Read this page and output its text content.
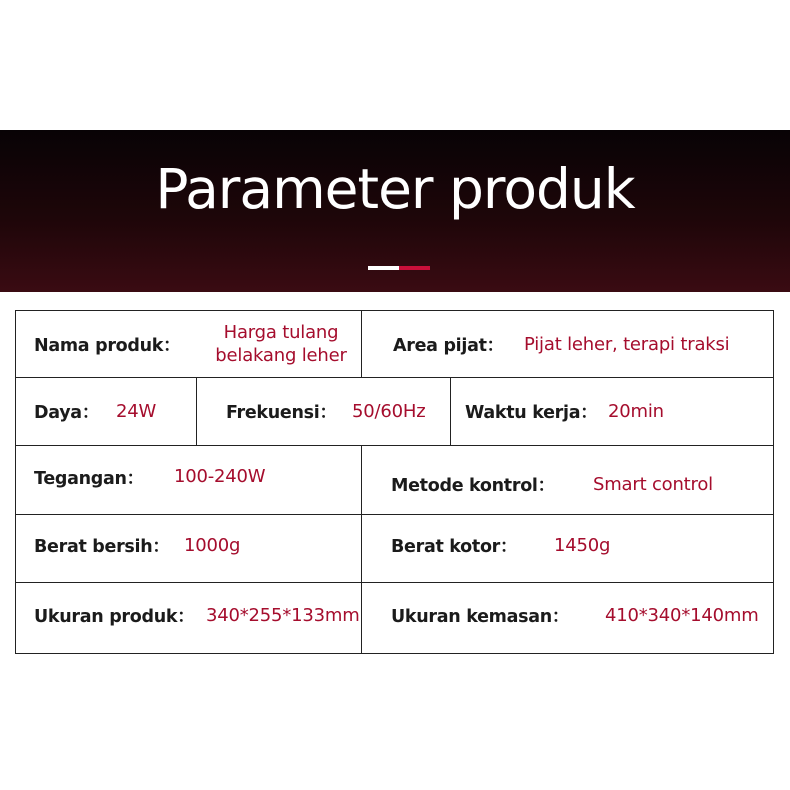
Parameter produk
Nama produk：
Harga tulang
belakang leher	Area pijat： Pijat leher, terapi traksi
Daya： 24W	Frekuensi： 50/60Hz Waktu kerja： 20min
Tegangan： 100-240W	Metode kontrol： Smart control
Berat bersih： 1000g	Berat kotor： 1450g
Ukuran produk： 340*255*133mm Ukuran kemasan： 410*340*140mm
